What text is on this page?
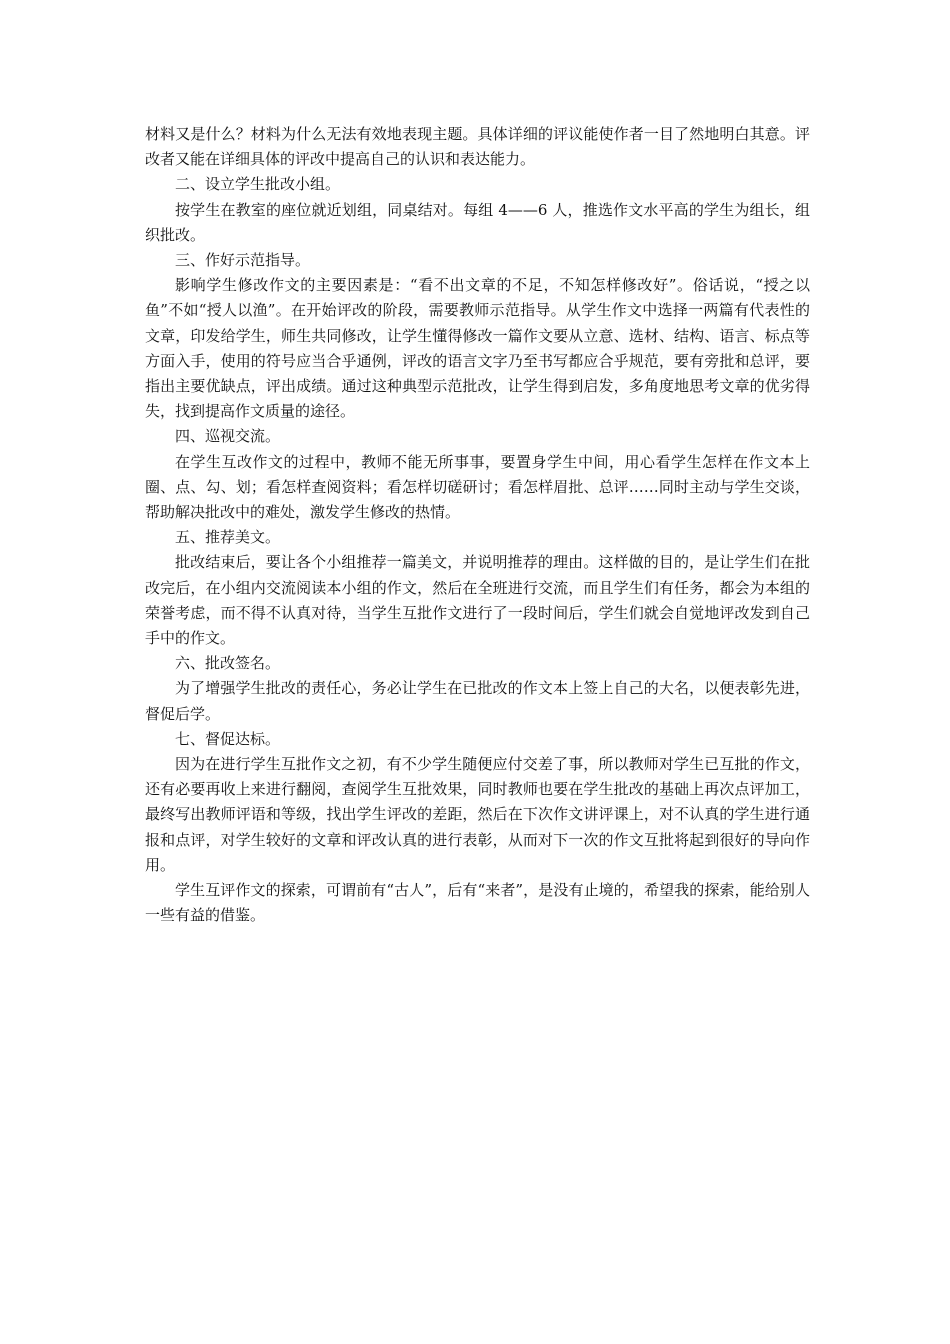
材料又是什么？材料为什么无法有效地表现主题。具体详细的评议能使作者一目了然地明白其意。评改者又能在详细具体的评改中提高自己的认识和表达能力。

二、设立学生批改小组。

按学生在教室的座位就近划组，同桌结对。每组 4——6 人，推选作文水平高的学生为组长，组织批改。

三、作好示范指导。

影响学生修改作文的主要因素是：“看不出文章的不足，不知怎样修改好”。俗话说，“授之以鱼”不如“授人以渔”。在开始评改的阶段，需要教师示范指导。从学生作文中选择一两篇有代表性的文章，印发给学生，师生共同修改，让学生懂得修改一篇作文要从立意、选材、结构、语言、标点等方面入手，使用的符号应当合乎通例，评改的语言文字乃至书写都应合乎规范，要有旁批和总评，要指出主要优缺点，评出成绩。通过这种典型示范批改，让学生得到启发，多角度地思考文章的优劣得失，找到提高作文质量的途径。

四、巡视交流。

在学生互改作文的过程中，教师不能无所事事，要置身学生中间，用心看学生怎样在作文本上圈、点、勾、划；看怎样查阅资料；看怎样切磋研讨；看怎样眉批、总评……同时主动与学生交谈，帮助解决批改中的难处，激发学生修改的热情。

五、推荐美文。

批改结束后，要让各个小组推荐一篇美文，并说明推荐的理由。这样做的目的，是让学生们在批改完后，在小组内交流阅读本小组的作文，然后在全班进行交流，而且学生们有任务，都会为本组的荣誉考虑，而不得不认真对待，当学生互批作文进行了一段时间后，学生们就会自觉地评改发到自己手中的作文。

六、批改签名。

为了增强学生批改的责任心，务必让学生在已批改的作文本上签上自己的大名，以便表彰先进，督促后学。

七、督促达标。

因为在进行学生互批作文之初，有不少学生随便应付交差了事，所以教师对学生已互批的作文，还有必要再收上来进行翻阅，查阅学生互批效果，同时教师也要在学生批改的基础上再次点评加工，最终写出教师评语和等级，找出学生评改的差距，然后在下次作文讲评课上，对不认真的学生进行通报和点评，对学生较好的文章和评改认真的进行表彰，从而对下一次的作文互批将起到很好的导向作用。

学生互评作文的探索，可谓前有“古人”，后有“来者”，是没有止境的，希望我的探索，能给别人一些有益的借鉴。
